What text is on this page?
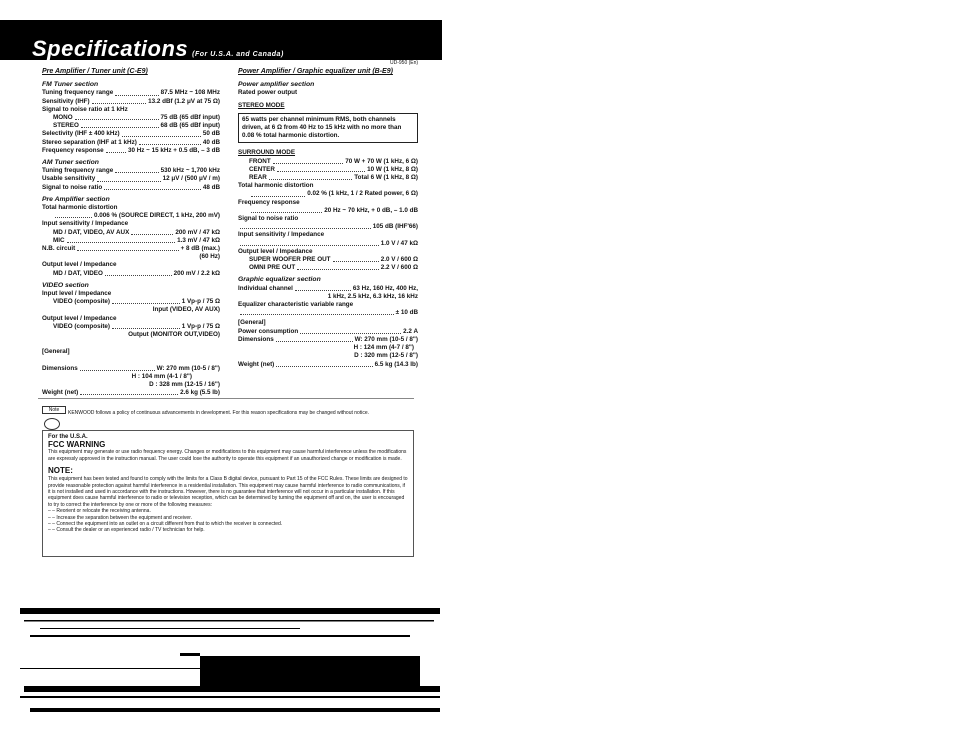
Specifications (For U.S.A. and Canada)
UD-950 (En)
Pre Amplifier / Tuner unit (C-E9)
FM Tuner section
Tuning frequency range	87.5 MHz ~ 108 MHz
Sensitivity (IHF)	13.2 dBf (1.2 μV at 75 Ω)
Signal to noise ratio at 1 kHz
MONO	75 dB (65 dBf input)
STEREO	68 dB (65 dBf input)
Selectivity (IHF ± 400 kHz)	50 dB
Stereo separation (IHF at 1 kHz)	40 dB
Frequency response	30 Hz ~ 15 kHz + 0.5 dB, – 3 dB
AM Tuner section
Tuning frequency range	530 kHz ~ 1,700 kHz
Usable sensitivity	12 μV / (500 μV / m)
Signal to noise ratio	48 dB
Pre Amplifier section
Total harmonic distortion
0.006 % (SOURCE DIRECT, 1 kHz, 200 mV)
Input sensitivity / Impedance
MD / DAT, VIDEO, AV AUX	200 mV / 47 kΩ
MIC	1.3 mV / 47 kΩ
N.B. circuit	+ 8 dB (max.)
(60 Hz)
Output level / Impedance
MD / DAT, VIDEO	200 mV / 2.2 kΩ
VIDEO section
Input level / Impedance
VIDEO (composite)	1 Vp-p / 75 Ω
Input (VIDEO, AV AUX)
Output level / Impedance
VIDEO (composite)	1 Vp-p / 75 Ω
Output (MONITOR OUT,VIDEO)
[General]
Dimensions	W: 270 mm (10-5 / 8")
H : 104 mm (4-1 / 8")
D : 328 mm (12-15 / 16")
Weight (net)	2.6 kg (5.5 lb)
Power Amplifier / Graphic equalizer unit (B-E9)
Power amplifier section
Rated power output
STEREO MODE
65 watts per channel minimum RMS, both channels driven, at 6 Ω from 40 Hz to 15 kHz with no more than 0.08 % total harmonic distortion.
SURROUND MODE
FRONT	70 W + 70 W (1 kHz, 6 Ω)
CENTER	10 W (1 kHz, 8 Ω)
REAR	Total 6 W (1 kHz, 8 Ω)
Total harmonic distortion
0.02 % (1 kHz, 1 / 2 Rated power, 6 Ω)
Frequency response
20 Hz ~ 70 kHz, + 0 dB, – 1.0 dB
Signal to noise ratio
105 dB (IHF'66)
Input sensitivity / Impedance
1.0 V / 47 kΩ
Output level / Impedance
SUPER WOOFER PRE OUT	2.0 V / 600 Ω
OMNI PRE OUT	2.2 V / 600 Ω
Graphic equalizer section
Individual channel	63 Hz, 160 Hz, 400 Hz,
1 kHz, 2.5 kHz, 6.3 kHz, 16 kHz
Equalizer characteristic variable range
± 10 dB
[General]
Power consumption	2.2 A
Dimensions	W: 270 mm (10-5 / 8")
H : 124 mm (4-7 / 8")
D : 320 mm (12-5 / 8")
Weight (net)	6.5 kg (14.3 lb)
Note	KENWOOD follows a policy of continuous advancements in development. For this reason specifications may be changed without notice.
For the U.S.A.
FCC WARNING
This equipment may generate or use radio frequency energy. Changes or modifications to this equipment may cause harmful interference unless the modifications are expressly approved in the instruction manual. The user could lose the authority to operate this equipment if an unauthorized change or modification is made.
NOTE:
This equipment has been tested and found to comply with the limits for a Class B digital device, pursuant to Part 15 of the FCC Rules. These limits are designed to provide reasonable protection against harmful interference in a residential installation. This equipment may cause harmful interference to radio communications, if it is not installed and used in accordance with the instructions. However, there is no guarantee that interference will not occur in a particular installation. If this equipment does cause harmful interference to radio or television reception, which can be determined by turning the equipment off and on, the user is encouraged to try to correct the interference by one or more of the following measures:
– – Reorient or relocate the receiving antenna.
– – Increase the separation between the equipment and receiver.
– – Connect the equipment into an outlet on a circuit different from that to which the receiver is connected.
– – Consult the dealer or an experienced radio / TV technician for help.
